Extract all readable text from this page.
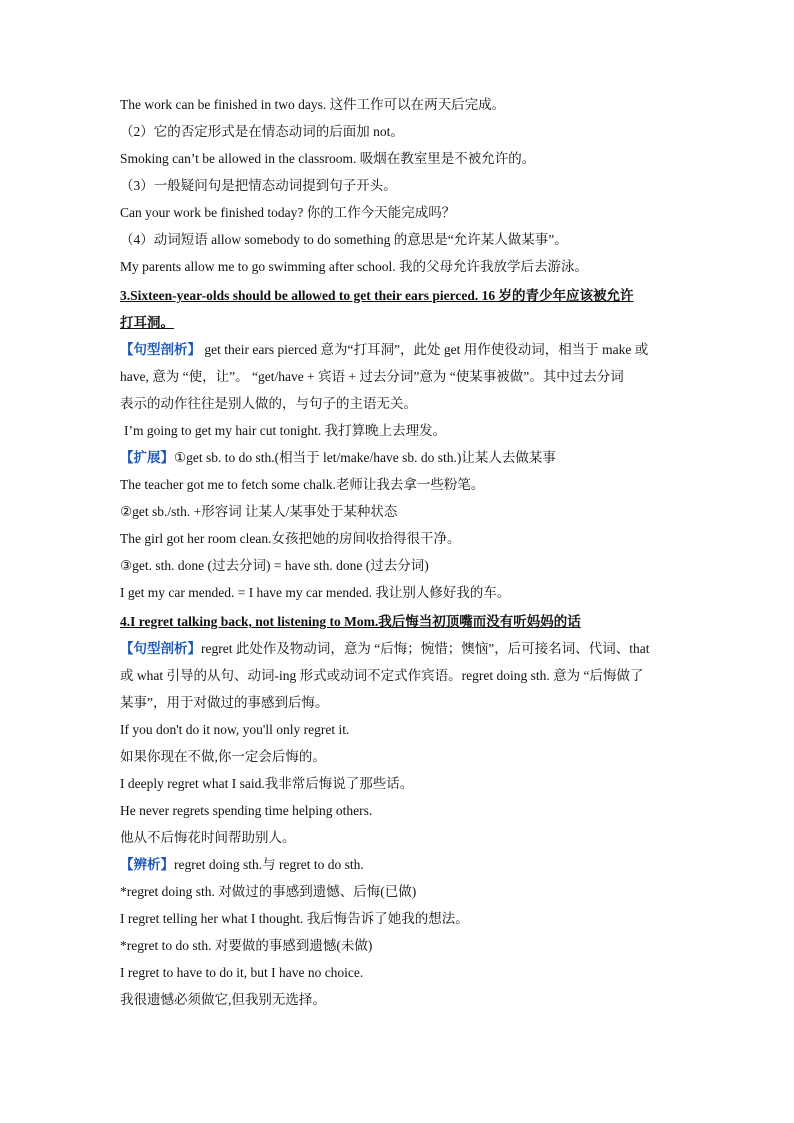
The work can be finished in two days. 这件工作可以在两天后完成。
（2）它的否定形式是在情态动词的后面加 not。
Smoking can’t be allowed in the classroom. 吸烟在教室里是不被允许的。
（3）一般疑问句是把情态动词提到句子开头。
Can your work be finished today? 你的工作今天能完成吗？
（4）动词短语 allow somebody to do something 的意思是“允许某人做某事”。
My parents allow me to go swimming after school. 我的父母允许我放学后去游泳。
3.Sixteen-year-olds should be allowed to get their ears pierced. 16 岁的青少年应该被允许
打耳洞。
【句型剖析】 get their ears pierced 意为“打耳洞”，此处 get 用作使役动词，相当于 make 或
have, 意为 “使，让”。 “get/have + 宾语 + 过去分词”意为 “使某事被做”。其中过去分词
表示的动作往往是别人做的，与句子的主语无关。
I’m going to get my hair cut tonight. 我打算晚上去理发。
【扩展】①get sb. to do sth.(相当于 let/make/have sb. do sth.)让某人去做某事
The teacher got me to fetch some chalk.老师让我去拿一些粉笔。
②get sb./sth. +形容词 让某人/某事处于某种状态
The girl got her room clean.女孩把她的房间收拾得很干净。
③get. sth. done (过去分词) = have sth. done (过去分词)
I get my car mended. = I have my car mended. 我让别人修好我的车。
4.I regret talking back, not listening to Mom.我后悔当初顶嘴而没有听妈妈的话
【句型剖析】regret 此处作及物动词，意为 “后悔；惋惜；懊恼”，后可接名词、代词、that
或 what 引导的从句、动词-ing 形式或动词不定式作宾语。regret doing sth. 意为 “后悔做了
某事”，用于对做过的事感到后悔。
If you don't do it now, you'll only regret it.
如果你现在不做,你一定会后悔的。
I deeply regret what I said.我非常后悔说了那些话。
He never regrets spending time helping others.
他从不后悔花时间帮助别人。
【辨析】regret doing sth.与 regret to do sth.
*regret doing sth. 对做过的事感到遗憾、后悔(已做)
I regret telling her what I thought. 我后悔告诉了她我的想法。
*regret to do sth. 对要做的事感到遗憾(未做)
I regret to have to do it, but I have no choice.
我很遗憾必须做它,但我别无选择。
